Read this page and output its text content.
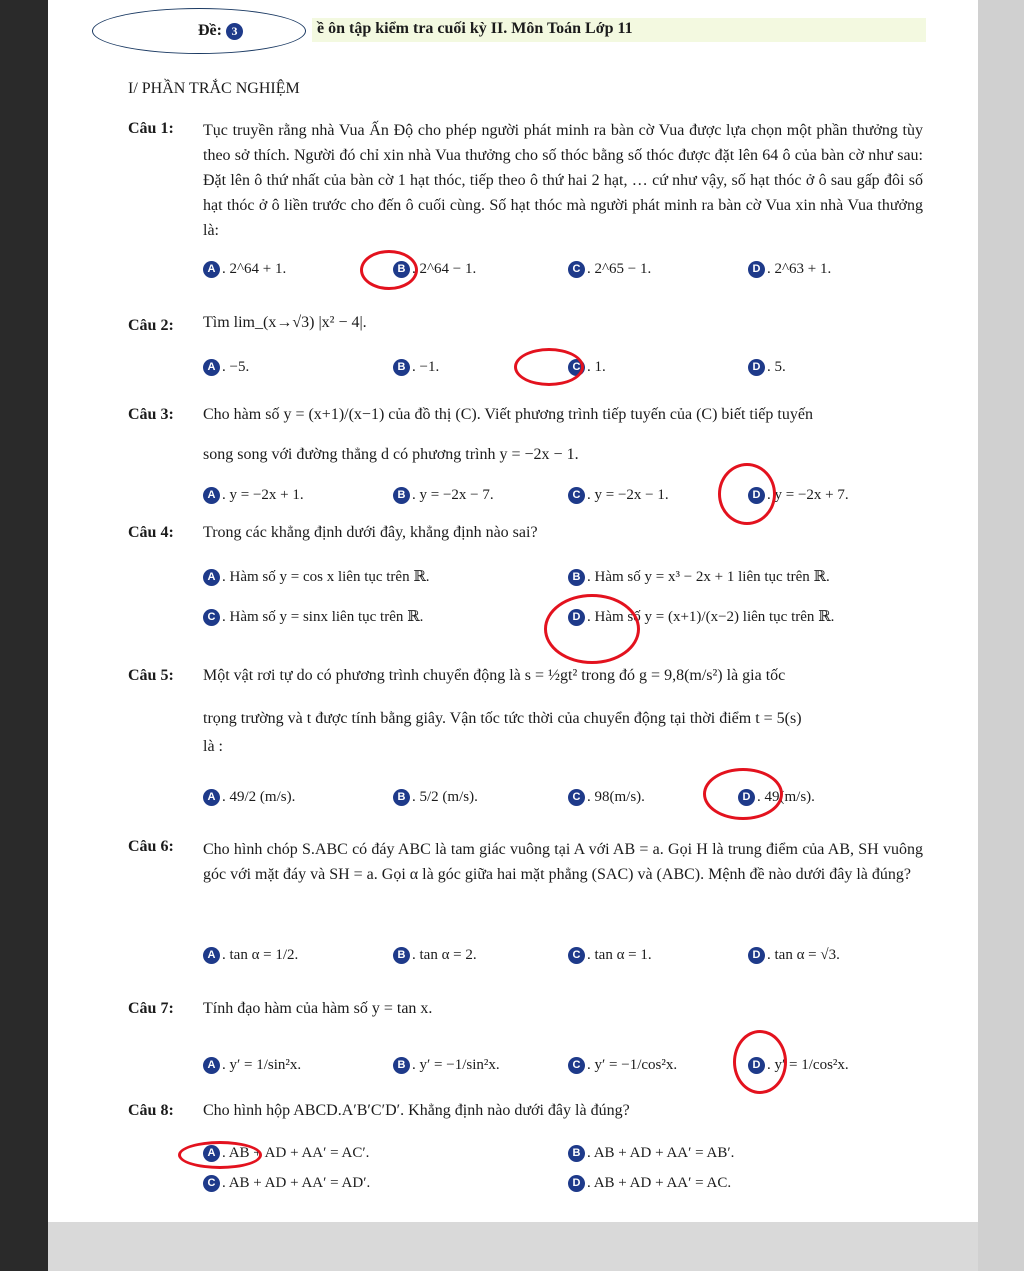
Đề: 3	ề ôn tập kiểm tra cuối kỳ II. Môn Toán Lớp 11
I/ PHẦN TRẮC NGHIỆM
Câu 1: Tục truyền rằng nhà Vua Ấn Độ cho phép người phát minh ra bàn cờ Vua được lựa chọn một phần thưởng tùy theo sở thích. Người đó chỉ xin nhà Vua thưởng cho số thóc bằng số thóc được đặt lên 64 ô của bàn cờ như sau: Đặt lên ô thứ nhất của bàn cờ 1 hạt thóc, tiếp theo ô thứ hai 2 hạt, … cứ như vậy, số hạt thóc ở ô sau gấp đôi số hạt thóc ở ô liền trước cho đến ô cuối cùng. Số hạt thóc mà người phát minh ra bàn cờ Vua xin nhà Vua thưởng là:
A . 2^64 + 1.	B . 2^64 − 1.	C . 2^65 − 1.	D . 2^63 + 1.
Câu 2: Tìm lim_(x→√3) |x² − 4|.
A . −5.	B . −1.	C . 1.	D . 5.
Câu 3: Cho hàm số y = (x+1)/(x−1) của đồ thị (C). Viết phương trình tiếp tuyến của (C) biết tiếp tuyến
song song với đường thẳng d có phương trình y = −2x − 1.
A . y = −2x + 1.	B . y = −2x − 7.	C . y = −2x − 1.	D . y = −2x + 7.
Câu 4: Trong các khẳng định dưới đây, khẳng định nào sai?
A . Hàm số y = cos x liên tục trên ℝ.	B . Hàm số y = x³ − 2x + 1 liên tục trên ℝ.
C . Hàm số y = sinx liên tục trên ℝ.	D . Hàm số y = (x+1)/(x−2) liên tục trên ℝ.
Câu 5: Một vật rơi tự do có phương trình chuyển động là s = ½gt² trong đó g = 9,8(m/s²) là gia tốc
trọng trường và t được tính bằng giây. Vận tốc tức thời của chuyển động tại thời điểm t = 5(s)
là :
A . 49/2 (m/s).	B . 5/2 (m/s).	C . 98(m/s).	D . 49(m/s).
Câu 6: Cho hình chóp S.ABC có đáy ABC là tam giác vuông tại A với AB = a. Gọi H là trung điểm của AB, SH vuông góc với mặt đáy và SH = a. Gọi α là góc giữa hai mặt phẳng (SAC) và (ABC). Mệnh đề nào dưới đây là đúng?
A . tan α = 1/2.	B . tan α = 2.	C . tan α = 1.	D . tan α = √3.
Câu 7: Tính đạo hàm của hàm số y = tan x.
A . y′ = 1/sin²x.	B . y′ = −1/sin²x.	C . y′ = −1/cos²x.	D . y′ = 1/cos²x.
Câu 8: Cho hình hộp ABCD.A′B′C′D′. Khẳng định nào dưới đây là đúng?
A . AB + AD + AA′ = AC′.	B . AB + AD + AA′ = AB′.
C . AB + AD + AA′ = AD′.	D . AB + AD + AA′ = AC.
